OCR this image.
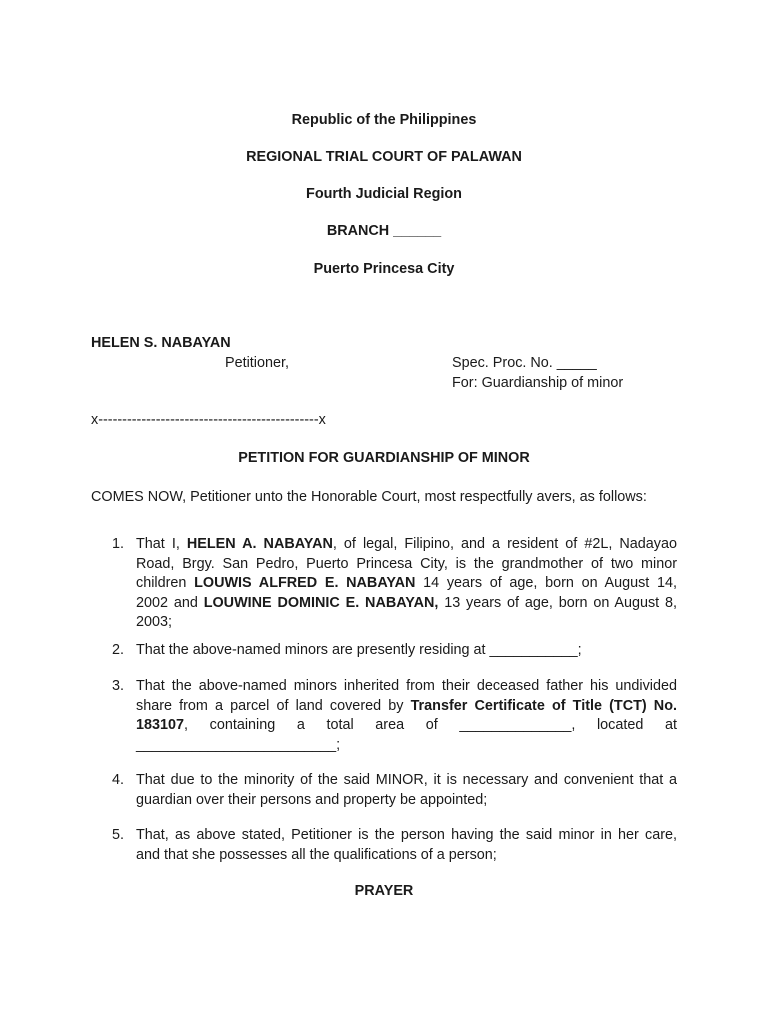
Republic of the Philippines
REGIONAL TRIAL COURT OF PALAWAN
Fourth Judicial Region
BRANCH ______
Puerto Princesa City
HELEN S. NABAYAN
Petitioner,	Spec. Proc. No. _____
For: Guardianship of minor
x----------------------------------------------x
PETITION FOR GUARDIANSHIP OF MINOR
COMES NOW, Petitioner unto the Honorable Court, most respectfully avers, as follows:
1. That I, HELEN A. NABAYAN, of legal, Filipino, and a resident of #2L, Nadayao
Road, Brgy. San Pedro, Puerto Princesa City, is the grandmother of two minor
children LOUWIS ALFRED E. NABAYAN 14 years of age, born on August 14,
2002 and LOUWINE DOMINIC E. NABAYAN, 13 years of age, born on August 8,
2003;
2. That the above-named minors are presently residing at ___________;
3. That the above-named minors inherited from their deceased father his undivided
share from a parcel of land covered by Transfer Certificate of Title (TCT) No.
183107, containing a total area of ______________, located at
_________________________;
4. That due to the minority of the said MINOR, it is necessary and convenient that a
guardian over their persons and property be appointed;
5. That, as above stated, Petitioner is the person having the said minor in her care,
and that she possesses all the qualifications of a person;
PRAYER
